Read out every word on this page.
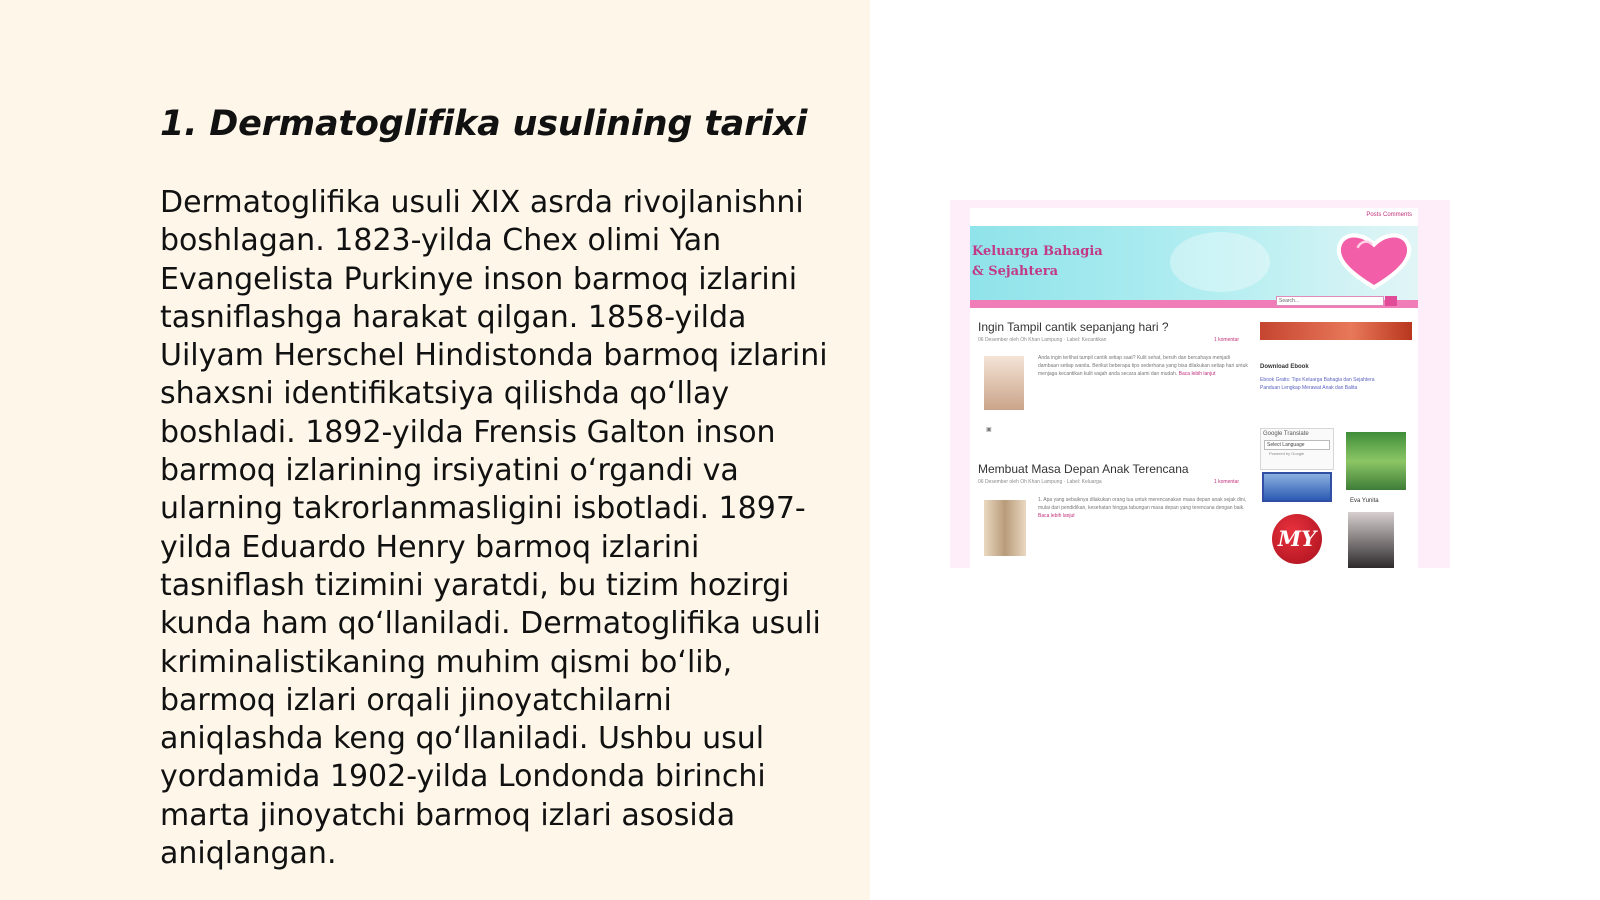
1. Dermatoglifika usulining tarixi

Dermatoglifika usuli XIX asrda rivojlanishni boshlagan. 1823-yilda Chex olimi Yan Evangelista Purkinye inson barmoq izlarini tasniflashga harakat qilgan. 1858-yilda Uilyam Herschel Hindistonda barmoq izlarini shaxsni identifikatsiya qilishda qoʻllay boshladi. 1892-yilda Frensis Galton inson barmoq izlarining irsiyatini oʻrgandi va ularning takrorlanmasligini isbotladi. 1897-yilda Eduardo Henry barmoq izlarini tasniflash tizimini yaratdi, bu tizim hozirgi kunda ham qoʻllaniladi. Dermatoglifika usuli kriminalistikaning muhim qismi boʻlib, barmoq izlari orqali jinoyatchilarni aniqlashda keng qoʻllaniladi. Ushbu usul yordamida 1902-yilda Londonda birinchi marta jinoyatchi barmoq izlari asosida aniqlangan.

Posts Comments
Keluarga Bahagia
& Sejahtera
Search...
Ingin Tampil cantik sepanjang hari ?
06 Desember oleh Oh Khan Lampung · Label: Kecantikan	1 komentar
Anda ingin terlihat tampil cantik setiap saat? Kulit sehat, bersih dan bercahaya menjadi dambaan setiap wanita. Berikut beberapa tips sederhana yang bisa dilakukan setiap hari untuk menjaga kecantikan kulit wajah anda secara alami dan mudah. Baca lebih lanjut
▣
Membuat Masa Depan Anak Terencana
06 Desember oleh Oh Khan Lampung · Label: Keluarga	1 komentar
1. Apa yang sebaiknya dilakukan orang tua untuk merencanakan masa depan anak sejak dini, mulai dari pendidikan, kesehatan hingga tabungan masa depan yang terencana dengan baik. Baca lebih lanjut
Download Ebook
Ebook Gratis: Tips Keluarga Bahagia dan Sejahtera
Panduan Lengkap Merawat Anak dan Balita
Google Translate
Select Language
Powered by Google
Eva Yunita
MY
